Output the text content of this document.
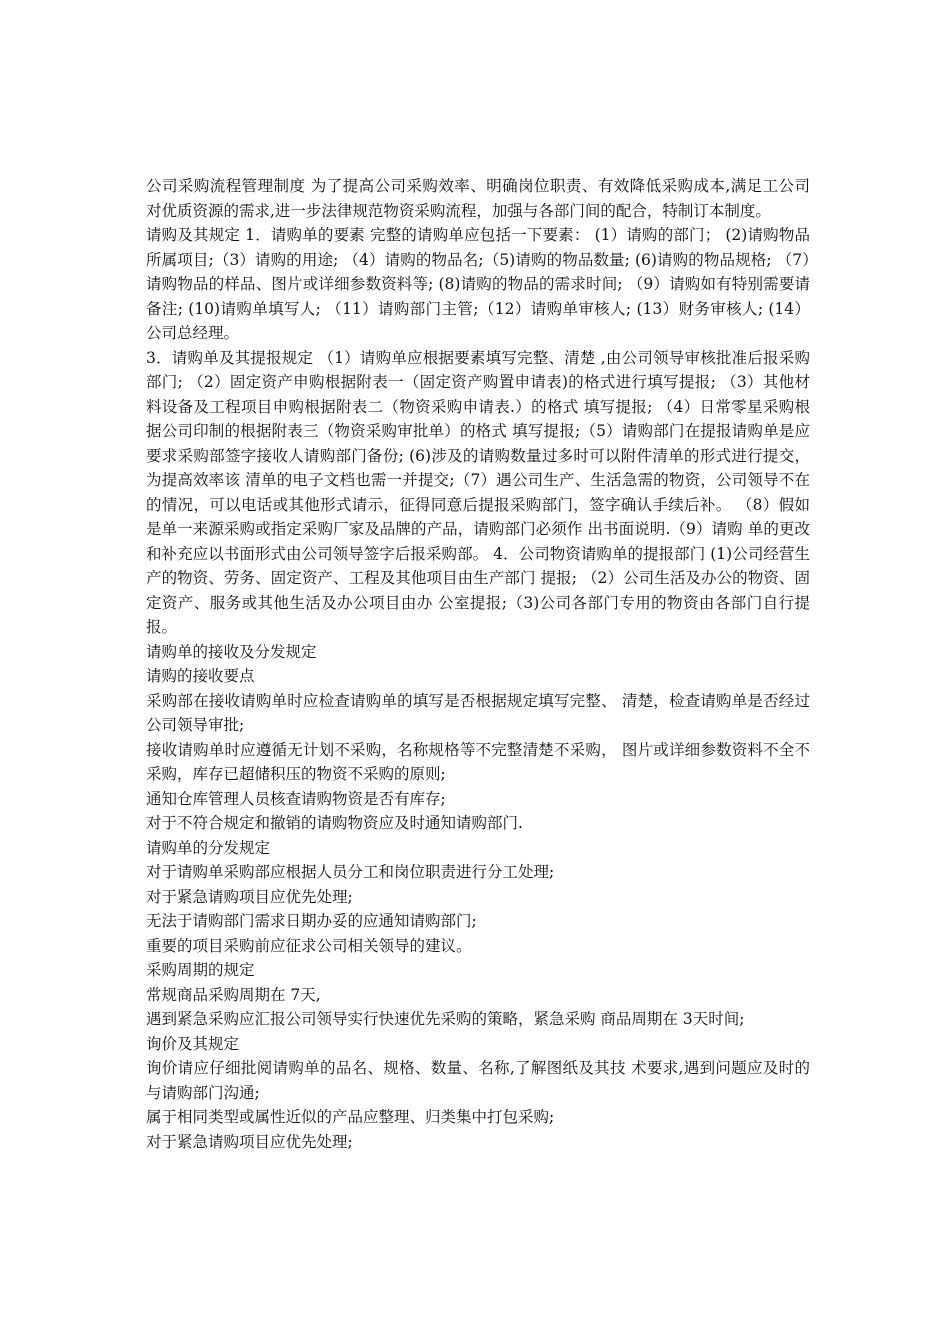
公司采购流程管理制度 为了提高公司采购效率、明确岗位职责、有效降低采购成本,满足工公司 对优质资源的需求,进一步法律规范物资采购流程，加强与各部门间的配合，特制订本制度。

请购及其规定 1．请购单的要素 完整的请购单应包括一下要素： (1）请购的部门； (2)请购物品所属项目;（3）请购的用途; （4）请购的物品名;（5)请购的物品数量; (6)请购的物品规格; （7）请购物品的样品、图片或详细参数资料等; (8)请购的物品的需求时间; （9）请购如有特别需要请备注; (10)请购单填写人; （11）请购部门主管;（12）请购单审核人; (13）财务审核人; (14）公司总经理。

3．请购单及其提报规定 （1）请购单应根据要素填写完整、清楚 ,由公司领导审核批准后报采购 部门; （2）固定资产申购根据附表一（固定资产购置申请表)的格式进行填写提报; （3）其他材料设备及工程项目申购根据附表二（物资采购申请表.）的格式 填写提报; （4）日常零星采购根据公司印制的根据附表三（物资采购审批单）的格式 填写提报;（5）请购部门在提报请购单是应要求采购部签字接收人请购部门备份; (6)涉及的请购数量过多时可以附件清单的形式进行提交，为提高效率该 清单的电子文档也需一并提交;（7）遇公司生产、生活急需的物资，公司领导不在的情况，可以电话或其他形式请示，征得同意后提报采购部门，签字确认手续后补。 （8）假如是单一来源采购或指定采购厂家及品牌的产品，请购部门必须作 出书面说明.（9）请购 单的更改和补充应以书面形式由公司领导签字后报采购部。 4．公司物资请购单的提报部门 (1)公司经营生产的物资、劳务、固定资产、工程及其他项目由生产部门 提报; （2）公司生活及办公的物资、固定资产、服务或其他生活及办公项目由办 公室提报;（3)公司各部门专用的物资由各部门自行提报。

请购单的接收及分发规定

请购的接收要点

采购部在接收请购单时应检查请购单的填写是否根据规定填写完整、 清楚，检查请购单是否经过公司领导审批;

接收请购单时应遵循无计划不采购，名称规格等不完整清楚不采购， 图片或详细参数资料不全不采购，库存已超储积压的物资不采购的原则;

通知仓库管理人员核查请购物资是否有库存;

对于不符合规定和撤销的请购物资应及时通知请购部门.

请购单的分发规定

对于请购单采购部应根据人员分工和岗位职责进行分工处理;

对于紧急请购项目应优先处理;

无法于请购部门需求日期办妥的应通知请购部门;

重要的项目采购前应征求公司相关领导的建议。

采购周期的规定

常规商品采购周期在 7天,

遇到紧急采购应汇报公司领导实行快速优先采购的策略，紧急采购 商品周期在 3天时间;

询价及其规定

询价请应仔细批阅请购单的品名、规格、数量、名称,了解图纸及其技 术要求,遇到问题应及时的与请购部门沟通;

属于相同类型或属性近似的产品应整理、归类集中打包采购;

对于紧急请购项目应优先处理;
